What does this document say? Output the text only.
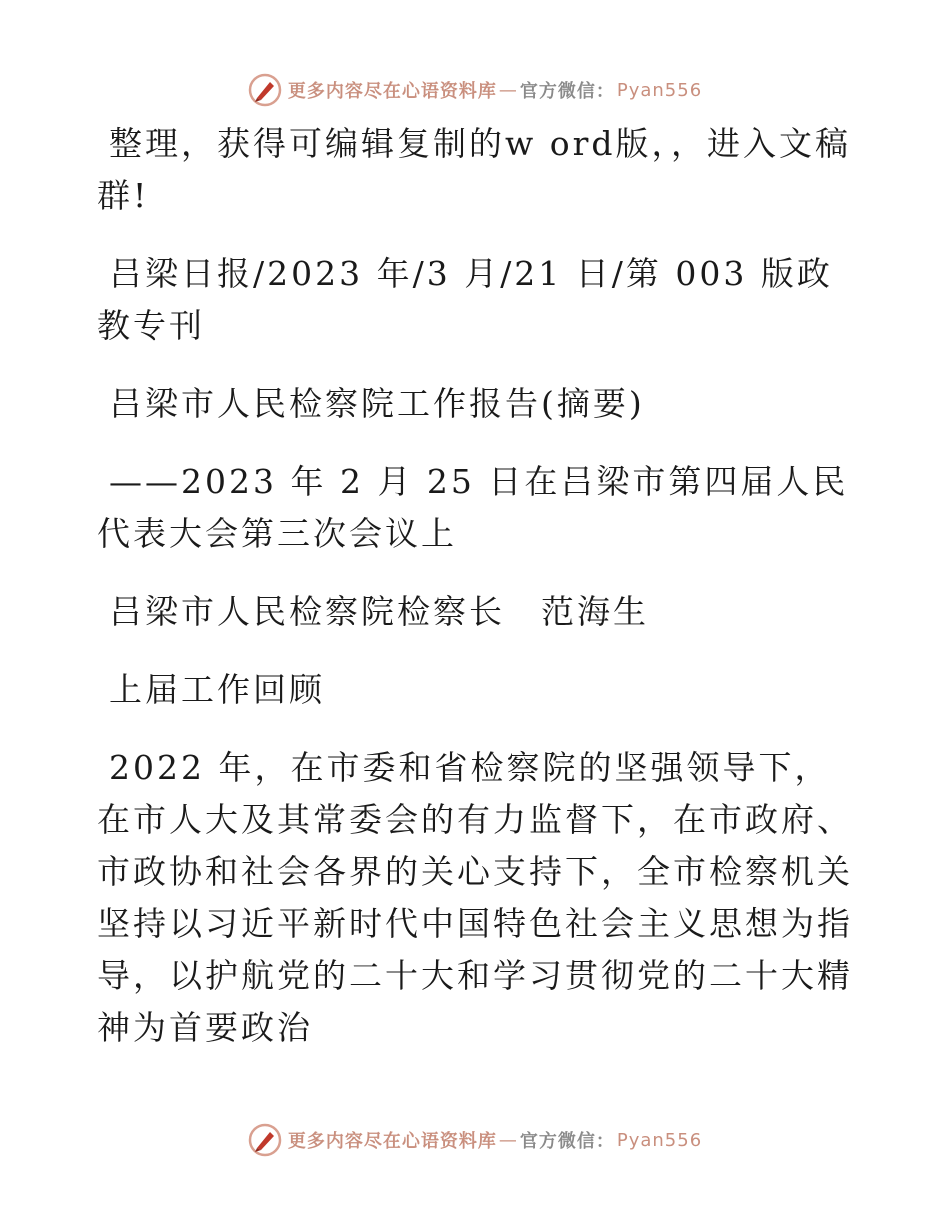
更多内容尽在心语资料库 — 官方微信： Pyan556

整理，获得可编辑复制的w ord版，，进入文稿群!

吕梁日报/2023 年/3 月/21 日/第 003 版政教专刊

吕梁市人民检察院工作报告(摘要)

——2023 年 2 月 25 日在吕梁市第四届人民代表大会第三次会议上

吕梁市人民检察院检察长　范海生

上届工作回顾

2022 年，在市委和省检察院的坚强领导下，在市人大及其常委会的有力监督下，在市政府、市政协和社会各界的关心支持下，全市检察机关坚持以习近平新时代中国特色社会主义思想为指导，以护航党的二十大和学习贯彻党的二十大精神为首要政治

更多内容尽在心语资料库 — 官方微信： Pyan556
